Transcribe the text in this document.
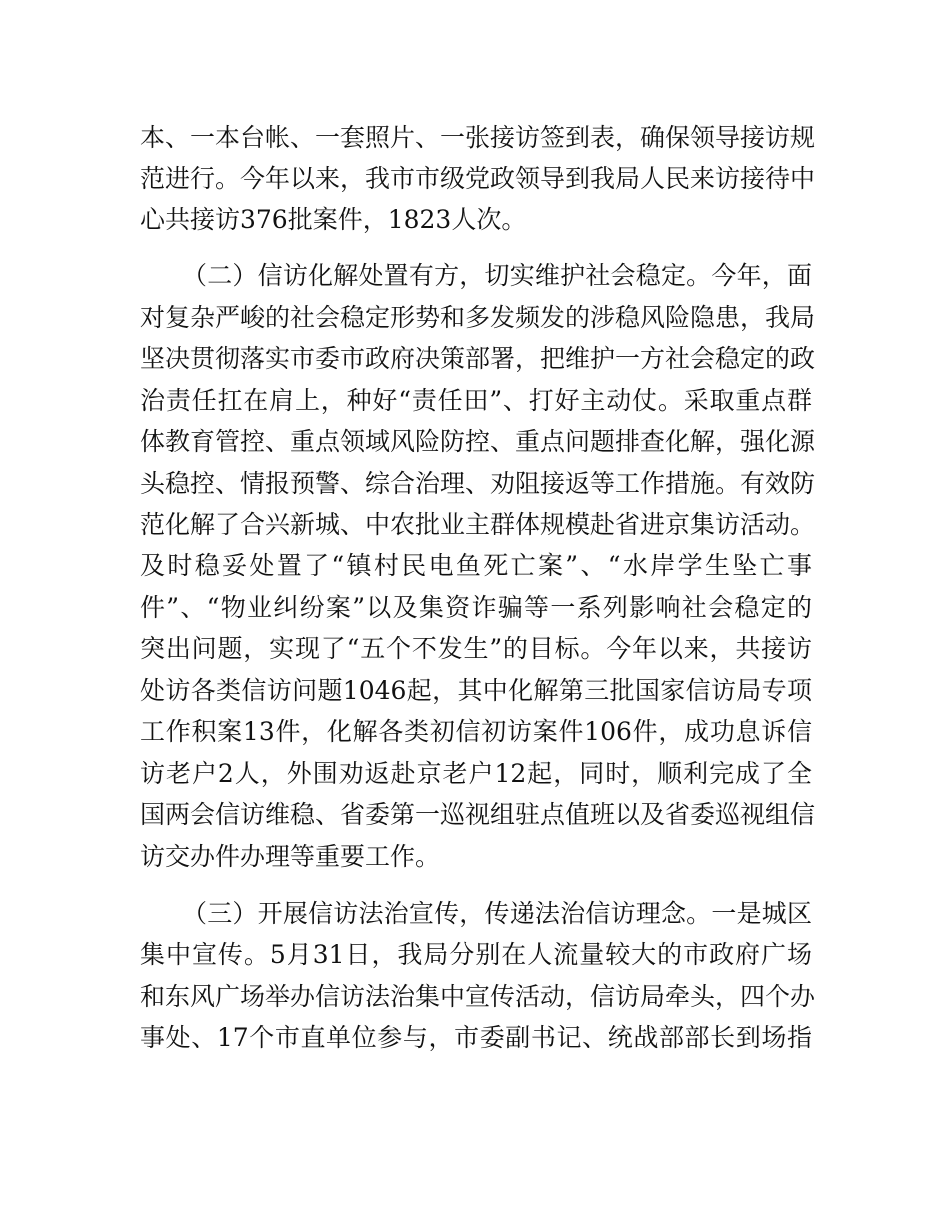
本、一本台帐、一套照片、一张接访签到表，确保领导接访规
范进行。今年以来，我市市级党政领导到我局人民来访接待中
心共接访376批案件，1823人次。
（二）信访化解处置有方，切实维护社会稳定。今年，面
对复杂严峻的社会稳定形势和多发频发的涉稳风险隐患，我局
坚决贯彻落实市委市政府决策部署，把维护一方社会稳定的政
治责任扛在肩上，种好“责任田”、打好主动仗。采取重点群
体教育管控、重点领域风险防控、重点问题排查化解，强化源
头稳控、情报预警、综合治理、劝阻接返等工作措施。有效防
范化解了合兴新城、中农批业主群体规模赴省进京集访活动。
及时稳妥处置了“镇村民电鱼死亡案”、“水岸学生坠亡事
件”、“物业纠纷案”以及集资诈骗等一系列影响社会稳定的
突出问题，实现了“五个不发生”的目标。今年以来，共接访
处访各类信访问题1046起，其中化解第三批国家信访局专项
工作积案13件，化解各类初信初访案件106件，成功息诉信
访老户2人，外围劝返赴京老户12起，同时，顺利完成了全
国两会信访维稳、省委第一巡视组驻点值班以及省委巡视组信
访交办件办理等重要工作。
（三）开展信访法治宣传，传递法治信访理念。一是城区
集中宣传。5月31日，我局分别在人流量较大的市政府广场
和东风广场举办信访法治集中宣传活动，信访局牵头，四个办
事处、17个市直单位参与，市委副书记、统战部部长到场指
